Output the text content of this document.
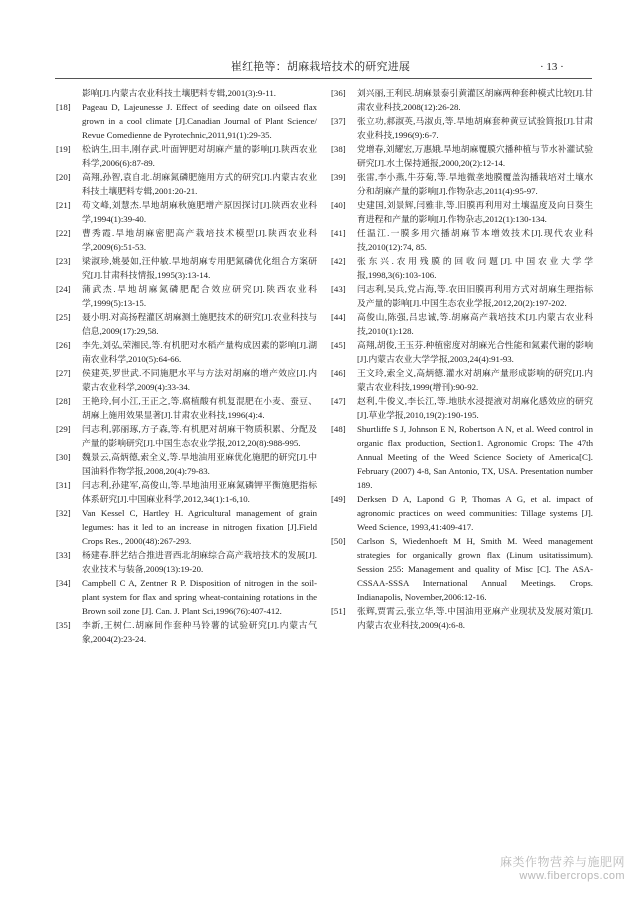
崔红艳等：胡麻栽培技术的研究进展	· 13 ·
影响[J].内蒙古农业科技土壤肥料专辑,2001(3):9-11.
[18]	Pageau D, Lajeunesse J. Effect of seeding date on oilseed flax grown in a cool climate [J].Canadian Journal of Plant Science/ Revue Comedienne de Pyrotechnic,2011,91(1):29-35.
[19]	松讷生,田丰,刚存武.叶面钾肥对胡麻产量的影响[J].陕西农业科学,2006(6):87-89.
[20]	高翔,孙智,袁自北.胡麻氮磷肥施用方式的研究[J].内蒙古农业科技土壤肥料专辑,2001:20-21.
[21]	苟文峰,刘慧杰.旱地胡麻秋施肥增产原因探讨[J].陕西农业科学,1994(1):39-40.
[22]	曹秀霞.旱地胡麻密肥高产栽培技术模型[J].陕西农业科学,2009(6):51-53.
[23]	梁淑珍,姚晏如,汪仲敏.旱地胡麻专用肥氮磷优化组合方案研究[J].甘肃科技情报,1995(3):13-14.
[24]	蒲武杰.旱地胡麻氮磷肥配合效应研究[J].陕西农业科学,1999(5):13-15.
[25]	聂小明.对高扬程灌区胡麻测土施肥技术的研究[J].农业科技与信息,2009(17):29,58.
[26]	李先,刘弘,荣湘民,等.有机肥对水稻产量构成因素的影响[J].湖南农业科学,2010(5):64-66.
[27]	侯建英,罗世武.不同施肥水平与方法对胡麻的增产效应[J].内蒙古农业科学,2009(4):33-34.
[28]	王艳玲,何小江,王正之,等.腐植酸有机复混肥在小麦、蚕豆、胡麻上施用效果显著[J].甘肃农业科技,1996(4):4.
[29]	闫志利,郭丽琢,方子森,等.有机肥对胡麻干物质积累、分配及产量的影响研究[J].中国生态农业学报,2012,20(8):988-995.
[30]	魏景云,高炳德,索全义,等.旱地油用亚麻优化施肥的研究[J].中国油料作物学报,2008,20(4):79-83.
[31]	闫志利,孙建军,高俊山,等.旱地油用亚麻氮磷钾平衡施肥指标体系研究[J].中国麻业科学,2012,34(1):1-6,10.
[32]	Van Kessel C, Hartley H. Agricultural management of grain legumes: has it led to an increase in nitrogen fixation [J].Field Crops Res., 2000(48):267-293.
[33]	杨建春.胖艺结合推进晋西北胡麻综合高产栽培技术的发展[J].农业技术与装备,2009(13):19-20.
[34]	Campbell C A, Zentner R P. Disposition of nitrogen in the soil-plant system for flax and spring wheat-containing rotations in the Brown soil zone [J]. Can. J. Plant Sci,1996(76):407-412.
[35]	李新,王树仁.胡麻间作套种马铃薯的试验研究[J].内蒙古气象,2004(2):23-24.
[36]	刘兴丽,王利民.胡麻景泰引黄灌区胡麻两种套种模式比较[J].甘肃农业科技,2008(12):26-28.
[37]	张立功,郝淑英,马淑贞,等.旱地胡麻套种黄豆试验简报[J].甘肃农业科技,1996(9):6-7.
[38]	党增春,刘耀宏,万惠娥.旱地胡麻覆膜穴播种植与节水补灌试验研究[J].水土保持通报,2000,20(2):12-14.
[39]	张雷,李小燕,牛芬菊,等.旱地微垄地膜覆盖沟播栽培对土壤水分和胡麻产量的影响[J].作物杂志,2011(4):95-97.
[40]	史建国,刘景辉,闫雅非,等.旧膜再利用对土壤温度及向日葵生育进程和产量的影响[J].作物杂志,2012(1):130-134.
[41]	任温江.一膜多用穴播胡麻节本增效技术[J].现代农业科技,2010(12):74, 85.
[42]	张东兴.农用残膜的回收问题[J].中国农业大学学报,1998,3(6):103-106.
[43]	闫志利,吴兵,党占海,等.农田旧膜再利用方式对胡麻生理指标及产量的影响[J].中国生态农业学报,2012,20(2):197-202.
[44]	高俊山,陈强,吕忠诚,等.胡麻高产栽培技术[J].内蒙古农业科技,2010(1):128.
[45]	高翔,胡俊,王玉芬.种植密度对胡麻光合性能和氮素代谢的影响[J].内蒙古农业大学学报,2003,24(4):91-93.
[46]	王文玲,索全义,高炳德.灌水对胡麻产量形成影响的研究[J].内蒙古农业科技,1999(增刊):90-92.
[47]	赵利,牛俊义,李长江,等.地肤水浸提液对胡麻化感效应的研究[J].草业学报,2010,19(2):190-195.
[48]	Shurtliffe S J, Johnson E N, Robertson A N, et al. Weed control in organic flax production, Section1. Agronomic Crops: The 47th Annual Meeting of the Weed Science Society of America[C]. February (2007) 4-8, San Antonio, TX, USA. Presentation number 189.
[49]	Derksen D A, Lapond G P, Thomas A G, et al. impact of agronomic practices on weed communities: Tillage systems [J]. Weed Science, 1993,41:409-417.
[50]	Carlson S, Wiedenhoeft M H, Smith M. Weed management strategies for organically grown flax (Linum usitatissimum). Session 255: Management and quality of Misc [C]. The ASA-CSSAA-SSSA International Annual Meetings. Crops. Indianapolis, November,2006:12-16.
[51]	张辉,贾霄云,张立华,等.中国油用亚麻产业现状及发展对策[J].内蒙古农业科技,2009(4):6-8.
麻类作物营养与施肥网
www.fibercrops.com
